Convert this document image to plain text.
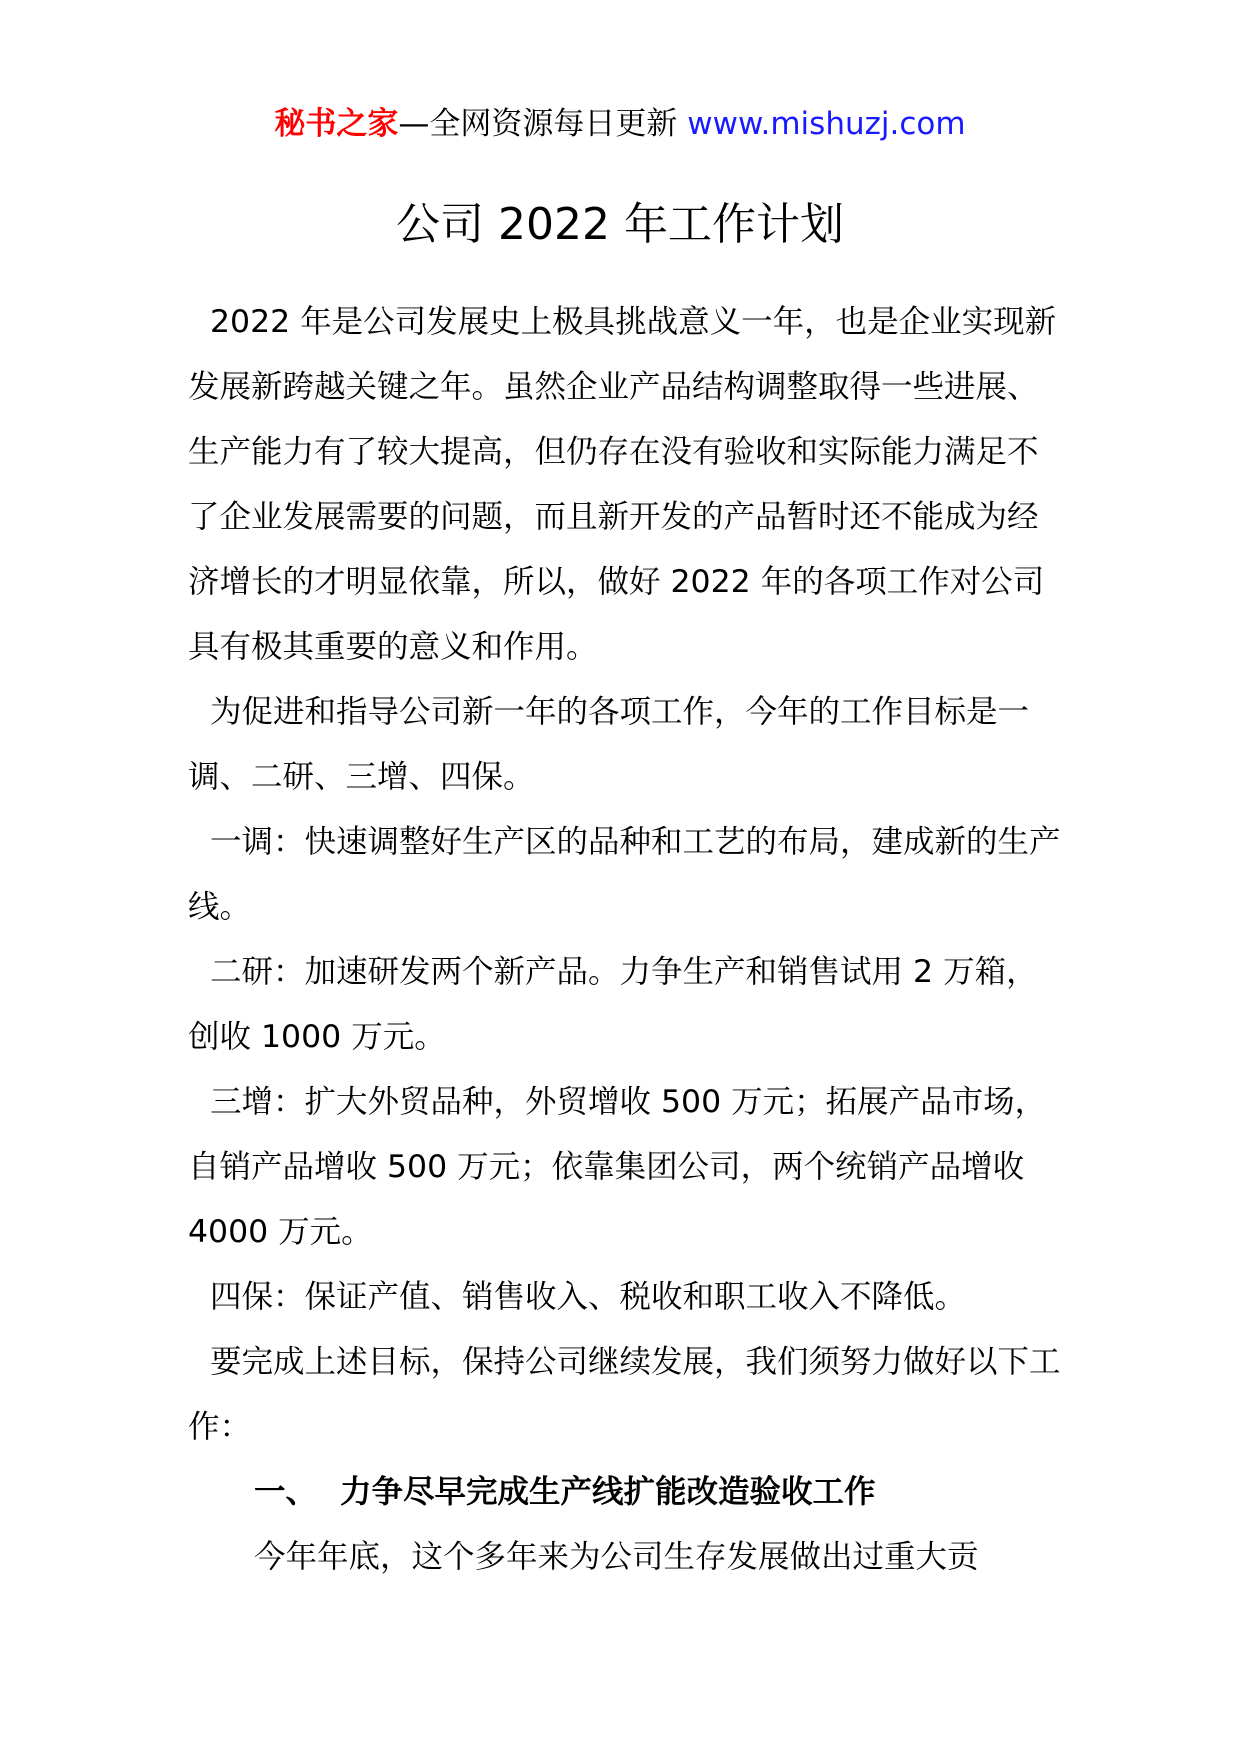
秘书之家—全网资源每日更新 www.mishuzj.com
公司 2022 年工作计划

2022 年是公司发展史上极具挑战意义一年，也是企业实现新发展新跨越关键之年。虽然企业产品结构调整取得一些进展、生产能力有了较大提高，但仍存在没有验收和实际能力满足不了企业发展需要的问题，而且新开发的产品暂时还不能成为经济增长的才明显依靠，所以，做好 2022 年的各项工作对公司具有极其重要的意义和作用。

为促进和指导公司新一年的各项工作，今年的工作目标是一调、二研、三增、四保。

一调：快速调整好生产区的品种和工艺的布局，建成新的生产线。

二研：加速研发两个新产品。力争生产和销售试用 2 万箱，创收 1000 万元。

三增：扩大外贸品种，外贸增收 500 万元；拓展产品市场，自销产品增收 500 万元；依靠集团公司，两个统销产品增收 4000 万元。

四保：保证产值、销售收入、税收和职工收入不降低。

要完成上述目标，保持公司继续发展，我们须努力做好以下工作：

一、 力争尽早完成生产线扩能改造验收工作

今年年底，这个多年来为公司生存发展做出过重大贡
